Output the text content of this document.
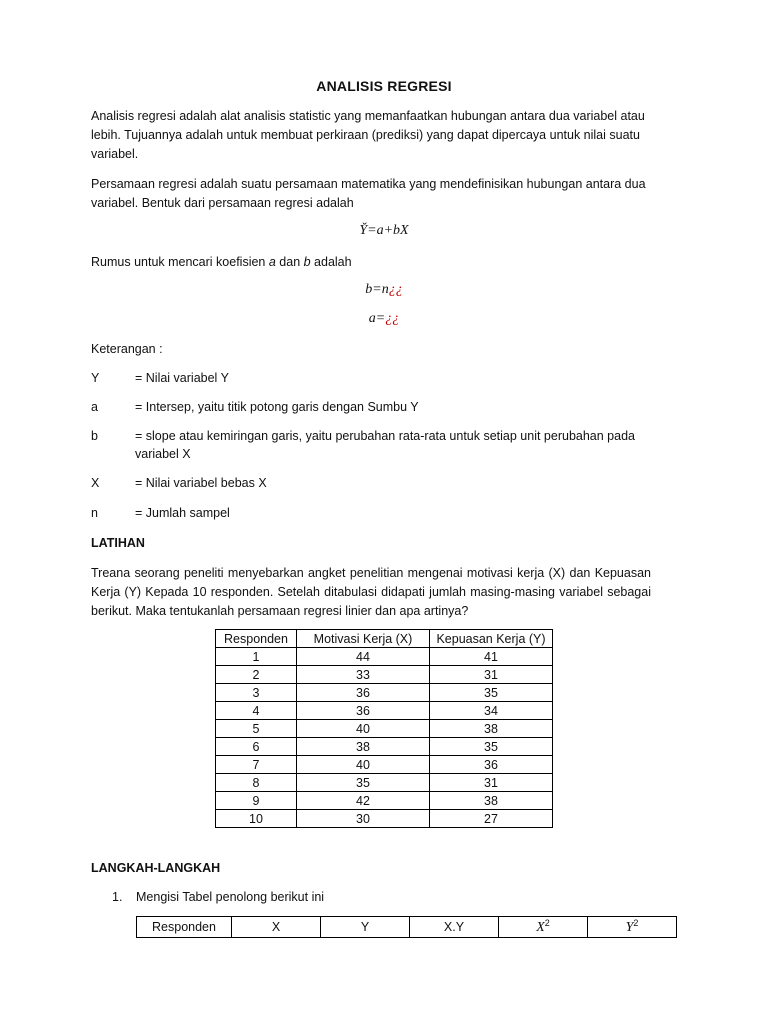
ANALISIS REGRESI
Analisis regresi adalah alat analisis statistic yang memanfaatkan hubungan antara dua variabel atau lebih. Tujuannya adalah untuk membuat perkiraan (prediksi) yang dapat dipercaya untuk nilai suatu variabel.
Persamaan regresi adalah suatu persamaan matematika yang mendefinisikan hubungan antara dua variabel. Bentuk dari persamaan regresi adalah
Y̌=a+bX
Rumus untuk mencari koefisien a dan b adalah
b=n¿¿
a=¿¿
Keterangan :
Y	= Nilai variabel Y
a	= Intersep, yaitu titik potong garis dengan Sumbu Y
b	= slope atau kemiringan garis, yaitu perubahan rata-rata untuk setiap unit perubahan pada variabel X
X	= Nilai variabel bebas X
n	= Jumlah sampel
LATIHAN
Treana seorang peneliti menyebarkan angket penelitian mengenai motivasi kerja (X) dan Kepuasan Kerja (Y) Kepada 10 responden. Setelah ditabulasi didapati jumlah masing-masing variabel sebagai berikut. Maka tentukanlah persamaan regresi linier dan apa artinya?
Responden	Motivasi Kerja (X)	Kepuasan Kerja (Y)
1	44	41
2	33	31
3	36	35
4	36	34
5	40	38
6	38	35
7	40	36
8	35	31
9	42	38
10	30	27
LANGKAH-LANGKAH
1. Mengisi Tabel penolong berikut ini
Responden	X	Y	X.Y	$X^2$	$Y^2$
